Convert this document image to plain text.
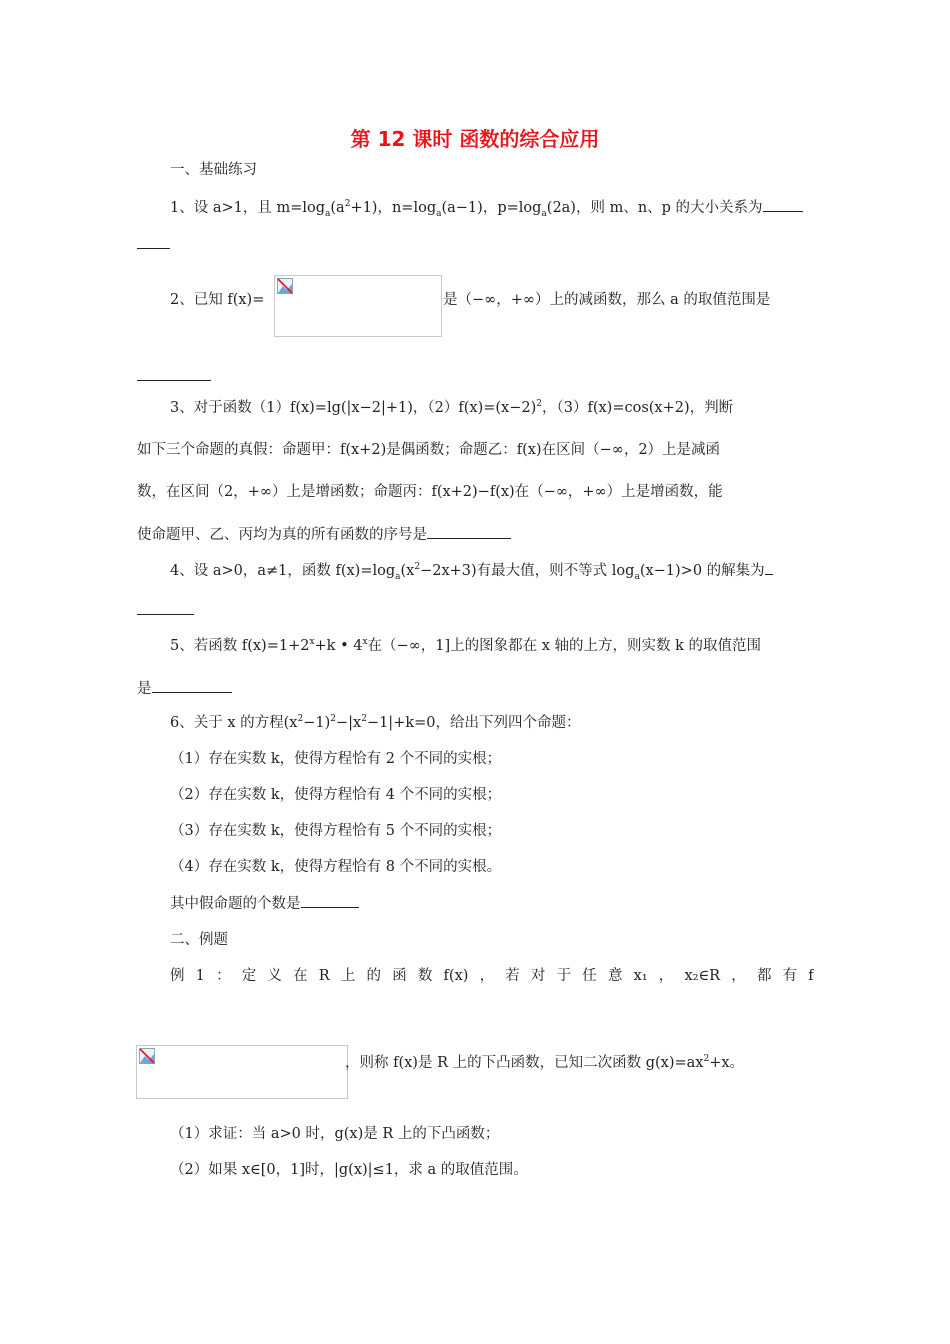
第 12 课时 函数的综合应用
一、基础练习
1、设 a>1，且 $m=\log_a(a^2+1)$，$n=\log_a(a-1)$，$p=\log_a(2a)$，则 m、n、p 的大小关系为
2、已知 f(x)=	是（−∞，+∞）上的减函数，那么 a 的取值范围是
3、对于函数（1）f(x)=lg(|x−2|+1)，$(2)f(x)=(x-2)^2$，（3）f(x)=cos(x+2)，判断
如下三个命题的真假：命题甲：f(x+2)是偶函数；命题乙：f(x)在区间（−∞，2）上是减函
数，在区间（2，+∞）上是增函数；命题丙：f(x+2)−f(x)在（−∞，+∞）上是增函数，能
使命题甲、乙、丙均为真的所有函数的序号是
4、设 a>0，a≠1，函数 $f(x)=\log_a(x^2-2x+3)$有最大值，则不等式 $\log_a(x-1)>0$ 的解集为
5、若函数 $f(x)=1+2^x+k$ • 4$^x$在（−∞，1]上的图象都在 x 轴的上方，则实数 k 的取值范围
是
6、关于 x 的方程$(x^2-1)^2-|x^2-1|+k=0$，给出下列四个命题：
（1）存在实数 k，使得方程恰有 2 个不同的实根；
（2）存在实数 k，使得方程恰有 4 个不同的实根；
（3）存在实数 k，使得方程恰有 5 个不同的实根；
（4）存在实数 k，使得方程恰有 8 个不同的实根。
其中假命题的个数是
二、例题
例 1 ： 定 义 在 R 上 的 函 数 f(x) ， 若 对 于 任 意 x₁ ， x₂∈R ， 都 有 f
，则称 f(x)是 R 上的下凸函数，已知二次函数 $g(x)=ax^2+x$。
（1）求证：当 a>0 时，g(x)是 R 上的下凸函数；
（2）如果 x∈[0，1]时，|g(x)|≤1，求 a 的取值范围。
